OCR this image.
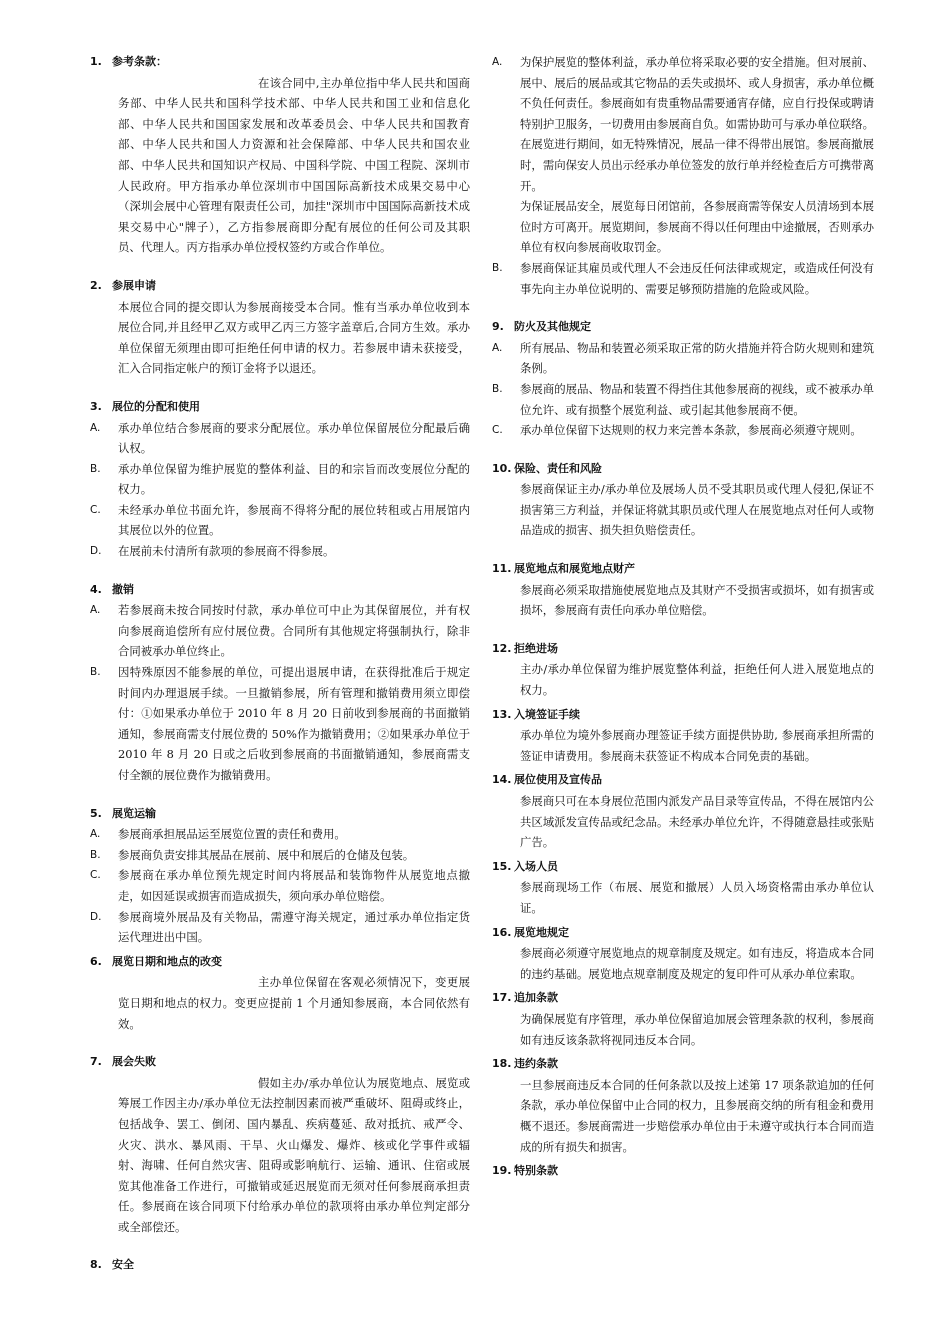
1. 参考条款：

在该合同中,主办单位指中华人民共和国商务部、中华人民共和国科学技术部、中华人民共和国工业和信息化部、中华人民共和国国家发展和改革委员会、中华人民共和国教育部、中华人民共和国人力资源和社会保障部、中华人民共和国农业部、中华人民共和国知识产权局、中国科学院、中国工程院、深圳市人民政府。甲方指承办单位深圳市中国国际高新技术成果交易中心（深圳会展中心管理有限责任公司，加挂"深圳市中国国际高新技术成果交易中心"牌子），乙方指参展商即分配有展位的任何公司及其职员、代理人。丙方指承办单位授权签约方或合作单位。

2. 参展申请

本展位合同的提交即认为参展商接受本合同。惟有当承办单位收到本展位合同,并且经甲乙双方或甲乙丙三方签字盖章后,合同方生效。承办单位保留无须理由即可拒绝任何申请的权力。若参展申请未获接受，汇入合同指定帐户的预订金将予以退还。

3. 展位的分配和使用

A.	承办单位结合参展商的要求分配展位。承办单位保留展位分配最后确认权。
B.	承办单位保留为维护展览的整体利益、目的和宗旨而改变展位分配的权力。
C.	未经承办单位书面允许，参展商不得将分配的展位转租或占用展馆内其展位以外的位置。
D.	在展前未付清所有款项的参展商不得参展。

4. 撤销

A.	若参展商未按合同按时付款，承办单位可中止为其保留展位，并有权向参展商追偿所有应付展位费。合同所有其他规定将强制执行，除非合同被承办单位终止。
B.	因特殊原因不能参展的单位，可提出退展申请，在获得批准后于规定时间内办理退展手续。一旦撤销参展，所有管理和撤销费用须立即偿付：①如果承办单位于 2010 年 8 月 20 日前收到参展商的书面撤销通知，参展商需支付展位费的 50%作为撤销费用；②如果承办单位于 2010 年 8 月 20 日或之后收到参展商的书面撤销通知，参展商需支付全额的展位费作为撤销费用。

5. 展览运输

A.	参展商承担展品运至展览位置的责任和费用。
B.	参展商负责安排其展品在展前、展中和展后的仓储及包装。
C.	参展商在承办单位预先规定时间内将展品和装饰物件从展览地点撤走，如因延误或损害而造成损失，须向承办单位赔偿。
D.	参展商境外展品及有关物品，需遵守海关规定，通过承办单位指定货运代理进出中国。

6. 展览日期和地点的改变

主办单位保留在客观必须情况下，变更展览日期和地点的权力。变更应提前 1 个月通知参展商，本合同依然有效。

7. 展会失败

假如主办/承办单位认为展览地点、展览或筹展工作因主办/承办单位无法控制因素而被严重破坏、阻碍或终止，包括战争、罢工、倒闭、国内暴乱、疾病蔓延、敌对抵抗、戒严令、火灾、洪水、暴风雨、干旱、火山爆发、爆炸、核或化学事件或辐射、海啸、任何自然灾害、阻碍或影响航行、运输、通讯、住宿或展览其他准备工作进行，可撤销或延迟展览而无须对任何参展商承担责任。参展商在该合同项下付给承办单位的款项将由承办单位判定部分或全部偿还。

8. 安全

A.	为保护展览的整体利益，承办单位将采取必要的安全措施。但对展前、展中、展后的展品或其它物品的丢失或损坏、或人身损害，承办单位概不负任何责任。参展商如有贵重物品需要通宵存储，应自行投保或聘请特别护卫服务，一切费用由参展商自负。如需协助可与承办单位联络。在展览进行期间，如无特殊情况，展品一律不得带出展馆。参展商撤展时，需向保安人员出示经承办单位签发的放行单并经检查后方可携带离开。
为保证展品安全，展览每日闭馆前，各参展商需等保安人员清场到本展位时方可离开。展览期间，参展商不得以任何理由中途撤展，否则承办单位有权向参展商收取罚金。
B.	参展商保证其雇员或代理人不会违反任何法律或规定，或造成任何没有事先向主办单位说明的、需要足够预防措施的危险或风险。

9. 防火及其他规定

A.	所有展品、物品和装置必须采取正常的防火措施并符合防火规则和建筑条例。
B.	参展商的展品、物品和装置不得挡住其他参展商的视线，或不被承办单位允许、或有损整个展览利益、或引起其他参展商不便。
C.	承办单位保留下达规则的权力来完善本条款，参展商必须遵守规则。

10. 保险、责任和风险

参展商保证主办/承办单位及展场人员不受其职员或代理人侵犯,保证不损害第三方利益，并保证将就其职员或代理人在展览地点对任何人或物品造成的损害、损失担负赔偿责任。

11. 展览地点和展览地点财产

参展商必须采取措施使展览地点及其财产不受损害或损坏，如有损害或损坏，参展商有责任向承办单位赔偿。

12. 拒绝进场

主办/承办单位保留为维护展览整体利益，拒绝任何人进入展览地点的权力。

13. 入境签证手续

承办单位为境外参展商办理签证手续方面提供协助, 参展商承担所需的签证申请费用。参展商未获签证不构成本合同免责的基础。

14. 展位使用及宣传品

参展商只可在本身展位范围内派发产品目录等宣传品，不得在展馆内公共区域派发宣传品或纪念品。未经承办单位允许，不得随意悬挂或张贴广告。

15. 入场人员

参展商现场工作（布展、展览和撤展）人员入场资格需由承办单位认证。

16. 展览地规定

参展商必须遵守展览地点的规章制度及规定。如有违反，将造成本合同的违约基础。展览地点规章制度及规定的复印件可从承办单位索取。

17. 追加条款

为确保展览有序管理，承办单位保留追加展会管理条款的权利，参展商如有违反该条款将视同违反本合同。

18. 违约条款

一旦参展商违反本合同的任何条款以及按上述第 17 项条款追加的任何条款，承办单位保留中止合同的权力，且参展商交纳的所有租金和费用概不退还。参展商需进一步赔偿承办单位由于未遵守或执行本合同而造成的所有损失和损害。

19. 特别条款
